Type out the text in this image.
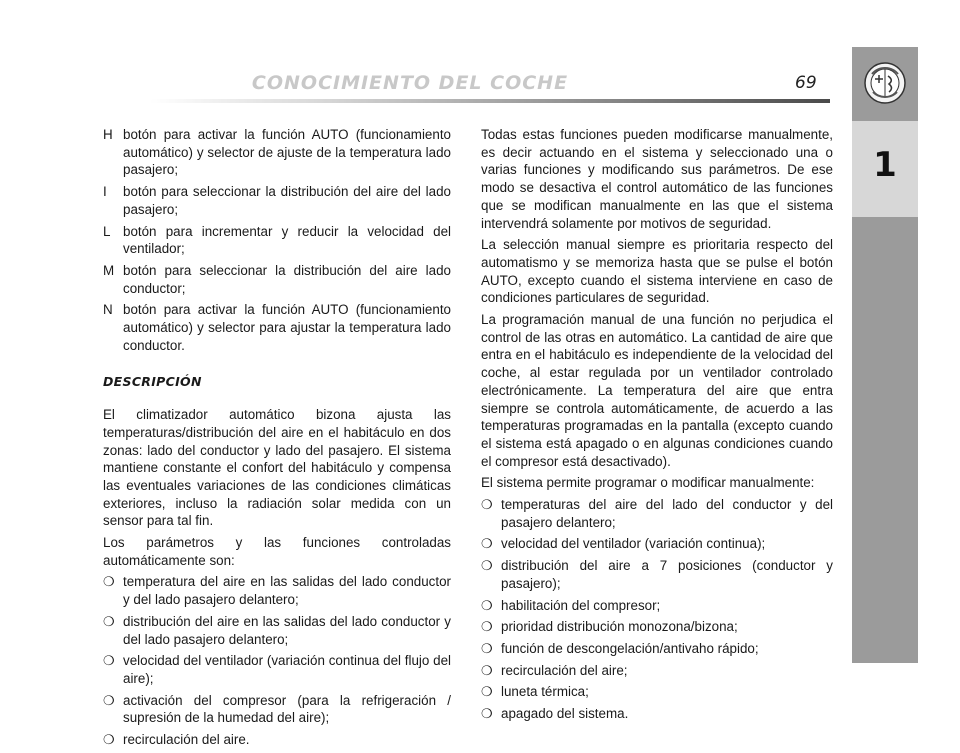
CONOCIMIENTO DEL COCHE	69
1
H botón para activar la función AUTO (funcionamiento automático) y selector de ajuste de la temperatura lado pasajero;
I botón para seleccionar la distribución del aire del lado pasajero;
L botón para incrementar y reducir la velocidad del ventilador;
M botón para seleccionar la distribución del aire lado conductor;
N botón para activar la función AUTO (funcionamiento automático) y selector para ajustar la temperatura lado conductor.
DESCRIPCIÓN

El climatizador automático bizona ajusta las temperaturas/distribución del aire en el habitáculo en dos zonas: lado del conductor y lado del pasajero. El sistema mantiene constante el confort del habitáculo y compensa las eventuales variaciones de las condiciones climáticas exteriores, incluso la radiación solar medida con un sensor para tal fin.

Los parámetros y las funciones controladas automáticamente son:

❍ temperatura del aire en las salidas del lado conductor y del lado pasajero delantero;
❍ distribución del aire en las salidas del lado conductor y del lado pasajero delantero;
❍ velocidad del ventilador (variación continua del flujo del aire);
❍ activación del compresor (para la refrigeración / supresión de la humedad del aire);
❍ recirculación del aire.

Todas estas funciones pueden modificarse manualmente, es decir actuando en el sistema y seleccionado una o varias funciones y modificando sus parámetros. De ese modo se desactiva el control automático de las funciones que se modifican manualmente en las que el sistema intervendrá solamente por motivos de seguridad.

La selección manual siempre es prioritaria respecto del automatismo y se memoriza hasta que se pulse el botón AUTO, excepto cuando el sistema interviene en caso de condiciones particulares de seguridad.

La programación manual de una función no perjudica el control de las otras en automático. La cantidad de aire que entra en el habitáculo es independiente de la velocidad del coche, al estar regulada por un ventilador controlado electrónicamente. La temperatura del aire que entra siempre se controla automáticamente, de acuerdo a las temperaturas programadas en la pantalla (excepto cuando el sistema está apagado o en algunas condiciones cuando el compresor está desactivado).

El sistema permite programar o modificar manualmente:

❍ temperaturas del aire del lado del conductor y del pasajero delantero;
❍ velocidad del ventilador (variación continua);
❍ distribución del aire a 7 posiciones (conductor y pasajero);
❍ habilitación del compresor;
❍ prioridad distribución monozona/bizona;
❍ función de descongelación/antivaho rápido;
❍ recirculación del aire;
❍ luneta térmica;
❍ apagado del sistema.
